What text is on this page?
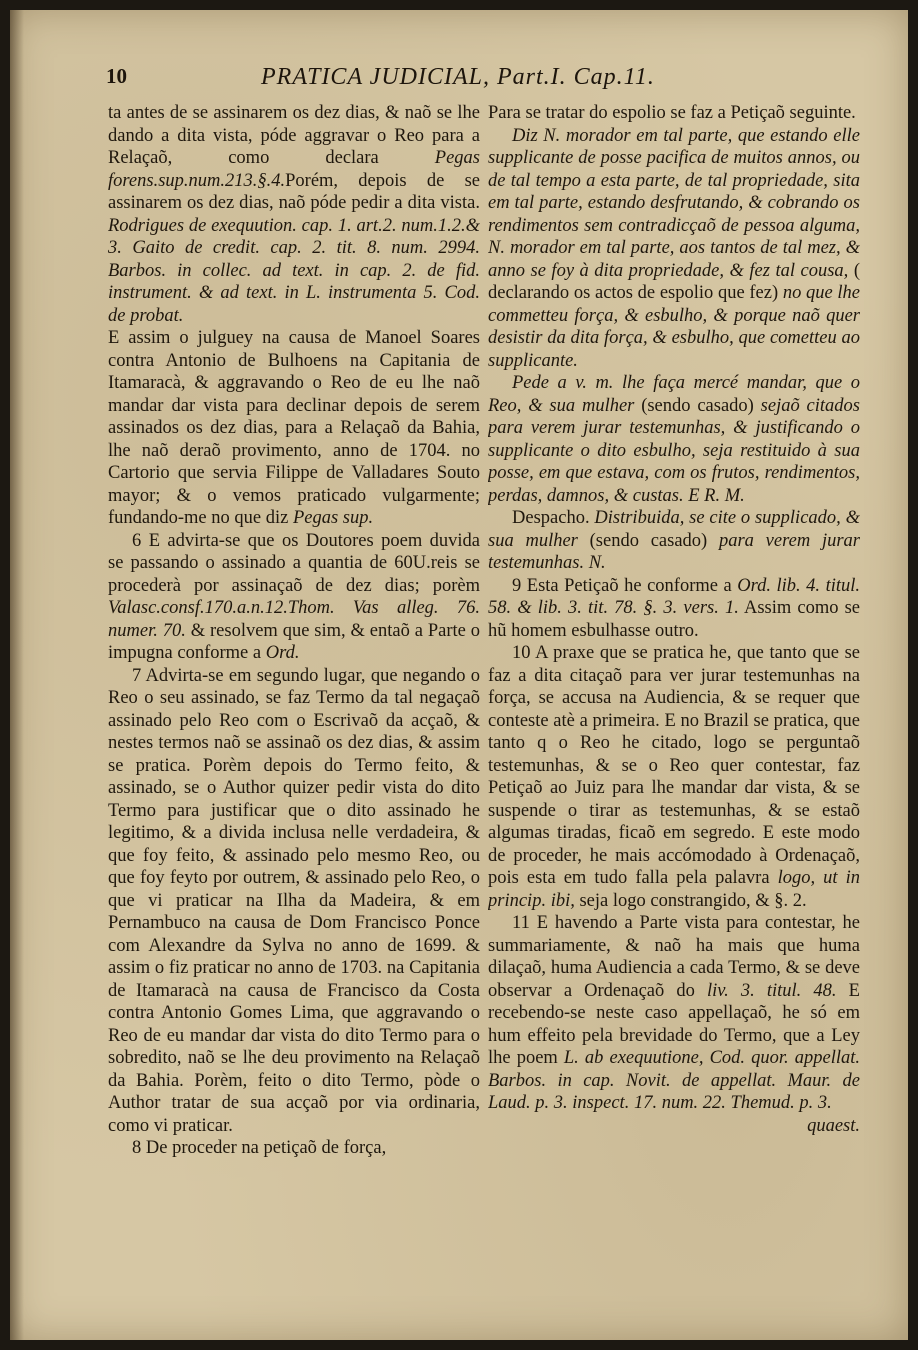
10	PRATICA JUDICIAL, Part.I. Cap.11.

ta antes de se assinarem os dez dias, & naõ se lhe dando a dita vista, póde aggravar o Reo para a Relaçaõ, como declara Pegas forens.sup.num.213.§.4.Porém, depois de se assinarem os dez dias, naõ póde pedir a dita vista. Rodrigues de exequution. cap. 1. art.2. num.1.2.& 3. Gaito de credit. cap. 2. tit. 8. num. 2994. Barbos. in collec. ad text. in cap. 2. de fid. instrument. & ad text. in L. instrumenta 5. Cod. de probat.

E assim o julguey na causa de Manoel Soares contra Antonio de Bulhoens na Capitania de Itamaracà, & aggravando o Reo de eu lhe naõ mandar dar vista para declinar depois de serem assinados os dez dias, para a Relaçaõ da Bahia, lhe naõ deraõ provimento, anno de 1704. no Cartorio que servia Filippe de Valladares Souto mayor; & o vemos praticado vulgarmente; fundando-me no que diz Pegas sup.

6 E advirta-se que os Doutores poem duvida se passando o assinado a quantia de 60U.reis se procederà por assinaçaõ de dez dias; porèm Valasc.consf.170.a.n.12.Thom. Vas alleg. 76. numer. 70. & resolvem que sim, & entaõ a Parte o impugna conforme a Ord.

7 Advirta-se em segundo lugar, que negando o Reo o seu assinado, se faz Termo da tal negaçaõ assinado pelo Reo com o Escrivaõ da acçaõ, & nestes termos naõ se assinaõ os dez dias, & assim se pratica. Porèm depois do Termo feito, & assinado, se o Author quizer pedir vista do dito Termo para justificar que o dito assinado he legitimo, & a divida inclusa nelle verdadeira, & que foy feito, & assinado pelo mesmo Reo, ou que foy feyto por outrem, & assinado pelo Reo, o que vi praticar na Ilha da Madeira, & em Pernambuco na causa de Dom Francisco Ponce com Alexandre da Sylva no anno de 1699. & assim o fiz praticar no anno de 1703. na Capitania de Itamaracà na causa de Francisco da Costa contra Antonio Gomes Lima, que aggravando o Reo de eu mandar dar vista do dito Termo para o sobredito, naõ se lhe deu provimento na Relaçaõ da Bahia. Porèm, feito o dito Termo, pòde o Author tratar de sua acçaõ por via ordinaria, como vi praticar.

8 De proceder na petiçaõ de força,

Para se tratar do espolio se faz a Petiçaõ seguinte.

Diz N. morador em tal parte, que estando elle supplicante de posse pacifica de muitos annos, ou de tal tempo a esta parte, de tal propriedade, sita em tal parte, estando desfrutando, & cobrando os rendimentos sem contradicçaõ de pessoa alguma, N. morador em tal parte, aos tantos de tal mez, & anno se foy à dita propriedade, & fez tal cousa, ( declarando os actos de espolio que fez) no que lhe commetteu força, & esbulho, & porque naõ quer desistir da dita força, & esbulho, que cometteu ao supplicante.

Pede a v. m. lhe faça mercé mandar, que o Reo, & sua mulher (sendo casado) sejaõ citados para verem jurar testemunhas, & justificando o supplicante o dito esbulho, seja restituido à sua posse, em que estava, com os frutos, rendimentos, perdas, damnos, & custas. E R. M.

Despacho. Distribuida, se cite o supplicado, & sua mulher (sendo casado) para verem jurar testemunhas. N.

9 Esta Petiçaõ he conforme a Ord. lib. 4. titul. 58. & lib. 3. tit. 78. §. 3. vers. 1. Assim como se hũ homem esbulhasse outro.

10 A praxe que se pratica he, que tanto que se faz a dita citaçaõ para ver jurar testemunhas na força, se accusa na Audiencia, & se requer que conteste atè a primeira. E no Brazil se pratica, que tanto q o Reo he citado, logo se perguntaõ testemunhas, & se o Reo quer contestar, faz Petiçaõ ao Juiz para lhe mandar dar vista, & se suspende o tirar as testemunhas, & se estaõ algumas tiradas, ficaõ em segredo. E este modo de proceder, he mais accómodado à Ordenaçaõ, pois esta em tudo falla pela palavra logo, ut in princip. ibi, seja logo constrangido, & §. 2.

11 E havendo a Parte vista para contestar, he summariamente, & naõ ha mais que huma dilaçaõ, huma Audiencia a cada Termo, & se deve observar a Ordenaçaõ do liv. 3. titul. 48. E recebendo-se neste caso appellaçaõ, he só em hum effeito pela brevidade do Termo, que a Ley lhe poem L. ab exequutione, Cod. quor. appellat. Barbos. in cap. Novit. de appellat. Maur. de Laud. p. 3. inspect. 17. num. 22. Themud. p. 3.

quaest.
